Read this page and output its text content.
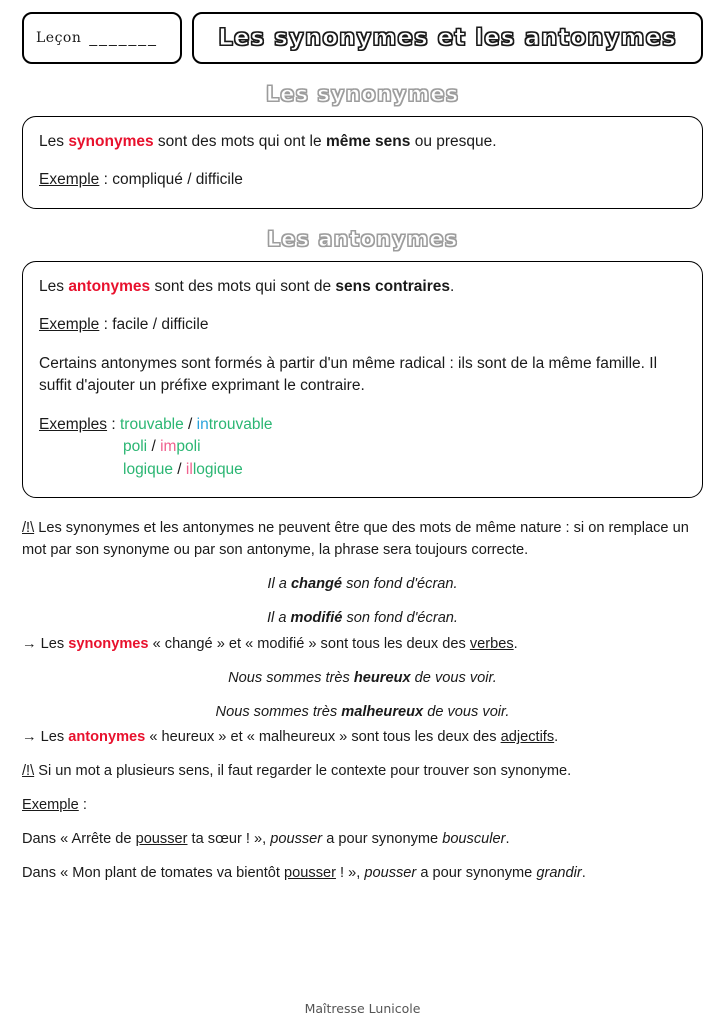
Leçon _______	Les synonymes et les antonymes
Les synonymes

Les synonymes sont des mots qui ont le même sens ou presque.

Exemple : compliqué / difficile

Les antonymes

Les antonymes sont des mots qui sont de sens contraires.

Exemple : facile / difficile

Certains antonymes sont formés à partir d'un même radical : ils sont de la même famille. Il suffit d'ajouter un préfixe exprimant le contraire.

Exemples : trouvable / introuvable
poli / impoli
logique / illogique

/!\ Les synonymes et les antonymes ne peuvent être que des mots de même nature : si on remplace un mot par son synonyme ou par son antonyme, la phrase sera toujours correcte.

Il a changé son fond d'écran.

Il a modifié son fond d'écran.

→ Les synonymes « changé » et « modifié » sont tous les deux des verbes.

Nous sommes très heureux de vous voir.

Nous sommes très malheureux de vous voir.

→ Les antonymes « heureux » et « malheureux » sont tous les deux des adjectifs.

/!\ Si un mot a plusieurs sens, il faut regarder le contexte pour trouver son synonyme.

Exemple :

Dans « Arrête de pousser ta sœur ! », pousser a pour synonyme bousculer.

Dans « Mon plant de tomates va bientôt pousser ! », pousser a pour synonyme grandir.

Maîtresse Lunicole
